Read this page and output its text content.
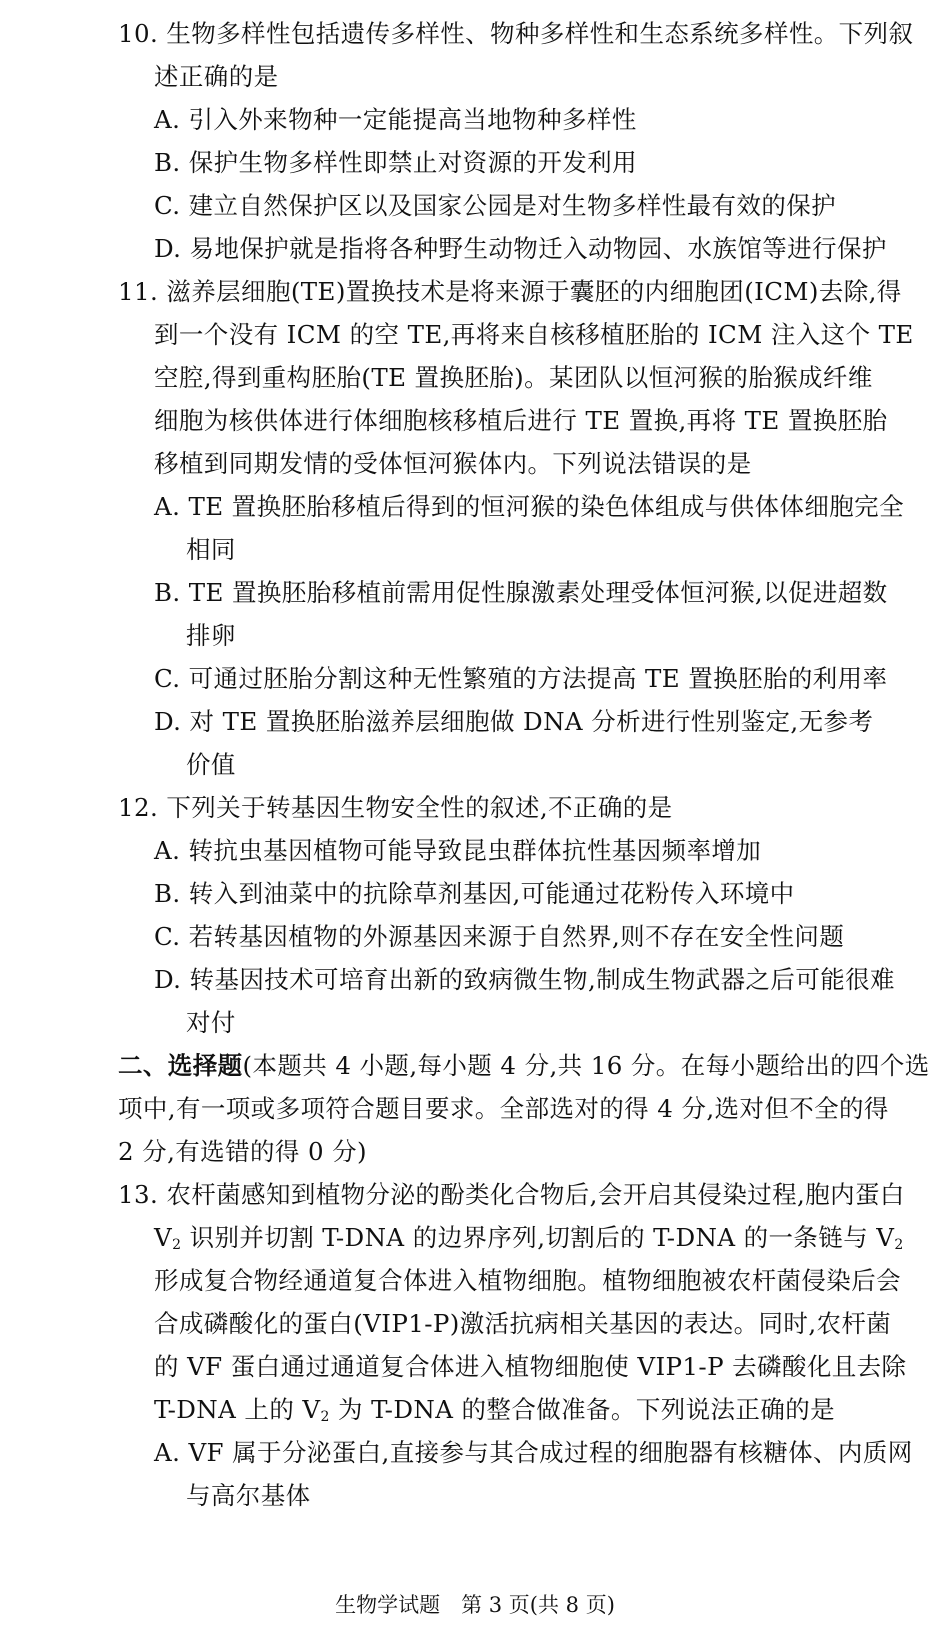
10. 生物多样性包括遗传多样性、物种多样性和生态系统多样性。下列叙
述正确的是
A. 引入外来物种一定能提高当地物种多样性
B. 保护生物多样性即禁止对资源的开发利用
C. 建立自然保护区以及国家公园是对生物多样性最有效的保护
D. 易地保护就是指将各种野生动物迁入动物园、水族馆等进行保护
11. 滋养层细胞(TE)置换技术是将来源于囊胚的内细胞团(ICM)去除,得
到一个没有 ICM 的空 TE,再将来自核移植胚胎的 ICM 注入这个 TE
空腔,得到重构胚胎(TE 置换胚胎)。某团队以恒河猴的胎猴成纤维
细胞为核供体进行体细胞核移植后进行 TE 置换,再将 TE 置换胚胎
移植到同期发情的受体恒河猴体内。下列说法错误的是
A. TE 置换胚胎移植后得到的恒河猴的染色体组成与供体体细胞完全
相同
B. TE 置换胚胎移植前需用促性腺激素处理受体恒河猴,以促进超数
排卵
C. 可通过胚胎分割这种无性繁殖的方法提高 TE 置换胚胎的利用率
D. 对 TE 置换胚胎滋养层细胞做 DNA 分析进行性别鉴定,无参考
价值
12. 下列关于转基因生物安全性的叙述,不正确的是
A. 转抗虫基因植物可能导致昆虫群体抗性基因频率增加
B. 转入到油菜中的抗除草剂基因,可能通过花粉传入环境中
C. 若转基因植物的外源基因来源于自然界,则不存在安全性问题
D. 转基因技术可培育出新的致病微生物,制成生物武器之后可能很难
对付
二、选择题(本题共 4 小题,每小题 4 分,共 16 分。在每小题给出的四个选
项中,有一项或多项符合题目要求。全部选对的得 4 分,选对但不全的得
2 分,有选错的得 0 分)
13. 农杆菌感知到植物分泌的酚类化合物后,会开启其侵染过程,胞内蛋白
$V_2$ 识别并切割 T-DNA 的边界序列,切割后的 T-DNA 的一条链与 $V_2$
形成复合物经通道复合体进入植物细胞。植物细胞被农杆菌侵染后会
合成磷酸化的蛋白(VIP1-P)激活抗病相关基因的表达。同时,农杆菌
的 VF 蛋白通过通道复合体进入植物细胞使 VIP1-P 去磷酸化且去除
T-DNA 上的 $V_2$ 为 T-DNA 的整合做准备。下列说法正确的是
A. VF 属于分泌蛋白,直接参与其合成过程的细胞器有核糖体、内质网
与高尔基体
生物学试题　第 3 页(共 8 页)
